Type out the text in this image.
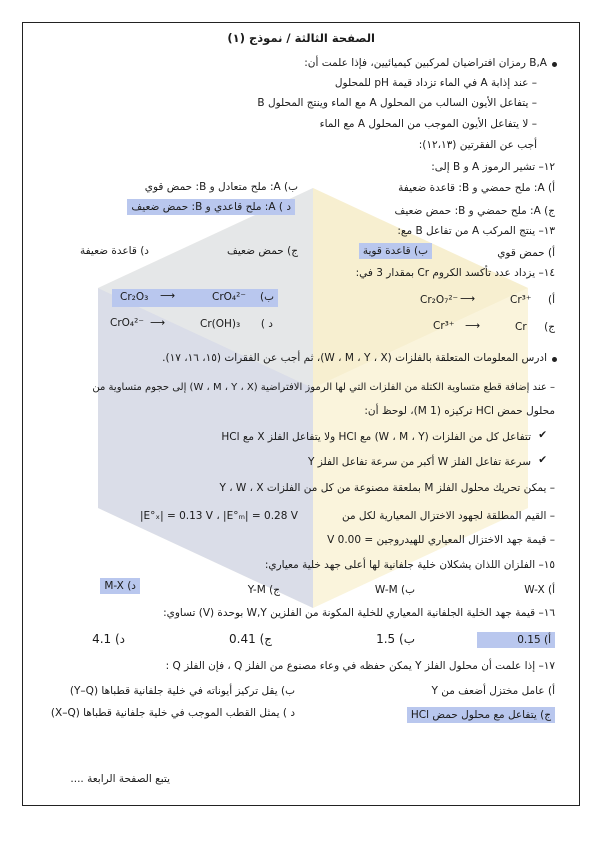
الصفحة الثالثة / نموذج (١)
B,A رمزان افتراضيان لمركبين كيميائيين، فإذا علمت أن:
– عند إذابة A في الماء تزداد قيمة pH للمحلول
– يتفاعل الأيون السالب من المحلول A مع الماء وينتج المحلول B
– لا يتفاعل الأيون الموجب من المحلول A مع الماء
أجب عن الفقرتين (١٢،١٣):
١٢– تشير الرموز A و B إلى:
أ) A: ملح حمضي و B: قاعدة ضعيفة
ب) A: ملح متعادل و B: حمض قوي
ج) A: ملح حمضي و B: حمض ضعيف
د ) A: ملح قاعدي و B: حمض ضعيف
١٣– ينتج المركب A من تفاعل B مع:
أ) حمض قوي
ب) قاعدة قوية
ج) حمض ضعيف
د) قاعدة ضعيفة
١٤– يزداد عدد تأكسد الكروم Cr بمقدار 3 في:
أ)
Cr₂O₇²⁻ ⟶	Cr³⁺
Cr₂O₃ ⟶	CrO₄²⁻ ب)
ج)
Cr³⁺ ⟶	Cr
CrO₄²⁻ ⟶	Cr(OH)₃ د )
ادرس المعلومات المتعلقة بالفلزات (W ، M ، Y ، X)، ثم أجب عن الفقرات (١٥، ١٦، ١٧).
– عند إضافة قطع متساوية الكتلة من الفلزات التي لها الرموز الافتراضية (W ، M ، Y ، X) إلى حجوم متساوية من
محلول حمض HCl تركيزه (1 M)، لوحظ أن:
✔
تتفاعل كل من الفلزات (W ، M ، Y) مع HCl ولا يتفاعل الفلز X مع HCl
✔
سرعة تفاعل الفلز W أكبر من سرعة تفاعل الفلز Y
– يمكن تحريك محلول الفلز M بملعقة مصنوعة من كل من الفلزات Y ، W ، X
– القيم المطلقة لجهود الاختزال المعيارية لكل من
|E°ₓ| = 0.13 V ، |E°ₘ| = 0.28 V
– قيمة جهد الاختزال المعياري للهيدروجين = 0.00 V
١٥– الفلزان اللذان يشكلان خلية جلفانية لها أعلى جهد خلية معياري:
أ) W-X
ب) W-M
ج) Y-M
د) M-X
١٦– قيمة جهد الخلية الجلفانية المعياري للخلية المكونة من الفلزين W,Y بوحدة (V) تساوي:
أ) 0.15
ب) 1.5
ج) 0.41
د) 4.1
١٧– إذا علمت أن محلول الفلز Y يمكن حفظه في وعاء مصنوع من الفلز Q ، فإن الفلز Q :
أ) عامل مختزل أضعف من Y
ب) يقل تركيز أيوناته في خلية جلفانية قطباها (Y–Q)
ج) يتفاعل مع محلول حمض HCl
د ) يمثل القطب الموجب في خلية جلفانية قطباها (X–Q)
يتبع الصفحة الرابعة ....
